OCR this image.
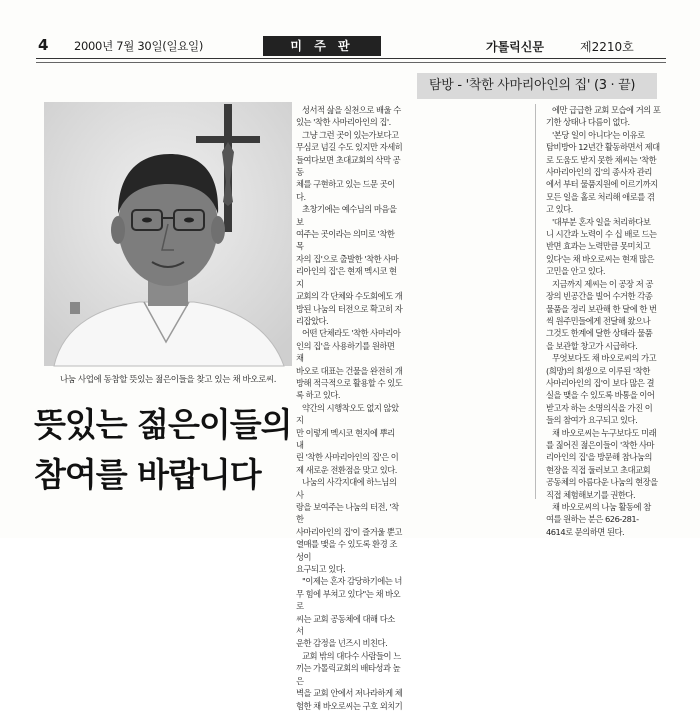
4 2000년 7월 30일(일요일)	미 주 판	가톨릭신문	제2210호
탐방 - '착한 사마리아인의 집' (3 · 끝)
나눔 사업에 동참할 뜻있는 젊은이들을 찾고 있는 채 바오로씨.
뜻있는 젊은이들의
참여를 바랍니다

성서적 삶을 실천으로 배울 수
있는 '착한 사마리아인의 집'.

그냥 그런 곳이 있는가보다고
무심코 넘길 수도 있지만 자세히
들여다보면 초대교회의 삭막 공동
체를 구현하고 있는 드문 곳이다.

초창기에는 예수님의 마음을 보
여주는 곳이라는 의미로 '착한 목
자의 집'으로 출발한 '착한 사마
리아인의 집'은 현재 멕시코 현지
교회의 각 단체와 수도회에도 개
방된 나눔의 터전으로 확고히 자
리잡았다.

어떤 단체라도 '착한 사마리아
인의 집'을 사용하기를 원하면 채
바오로 대표는 건물을 완전히 개
방해 적극적으로 활용할 수 있도
록 하고 있다.

약간의 시행착오도 없지 않았지
만 이렇게 멕시코 현지에 뿌리 내
린 '착한 사마리아인의 집'은 이
제 새로운 전환점을 맞고 있다.

나눔의 사각지대에 하느님의 사
랑을 보여주는 나눔의 터전, '착한
사마리아인의 집'이 즐거울 뿐고
열매를 맺을 수 있도록 환경 조성이
요구되고 있다.

"이제는 혼자 감당하기에는 너
무 힘에 부쳐고 있다"는 채 바오로
씨는 교회 공동체에 대해 다소 서
운한 감정을 넌즈시 비친다.

교회 밖의 대다수 사람들이 느
끼는 가톨릭교회의 배타성과 높은
벽을 교회 안에서 저나라하게 체
험한 채 바오로씨는 구호 외치기

에만 급급한 교회 모습에 거의 포
기한 상태나 다름이 없다.

'본당 일이 아니다'는 이유로
탐비방아 12년간 활동하면서 제대
로 도움도 받지 못한 채씨는 '착한
사마리아인의 집'의 종사자 관리
에서 부터 물품지원에 이르기까지
모든 일을 홀로 처리해 애로를 겪
고 있다.

'대부분 혼자 일을 처리하다보
니 시간과 노력이 수 십 배로 드는
반면 효과는 노력만큼 못미치고
있다'는 채 바오로씨는 현재 많은
고민을 안고 있다.

지금까지 제씨는 이 공장 저 공
장의 빈공간을 빌어 수거한 각종
물품을 정리 보관해 한 달에 한 번
씩 원주민들에게 전달해 왔으나
그것도 한계에 달한 상태라 물품
을 보관할 창고가 시급하다.

무엇보다도 채 바오로씨의 가고
(희망)의 희생으로 이루된 '착한
사마리아인의 집'이 보다 많은 결
실을 맺을 수 있도록 바통을 이어
받고자 하는 소명의식을 가진 이
들의 참여가 요구되고 있다.

채 바오로씨는 누구보다도 미래
를 짊어진 젊은이들이 '착한 사마
리아인의 집'을 방문해 참나눔의
현장을 직접 둘러보고 초대교회
공동체의 아름다운 나눔의 현장을
직접 체험해보기를 권한다.

채 바오로씨의 나눔 활동에 참
여를 원하는 분은 626-281-
4614로 문의하면 된다.
